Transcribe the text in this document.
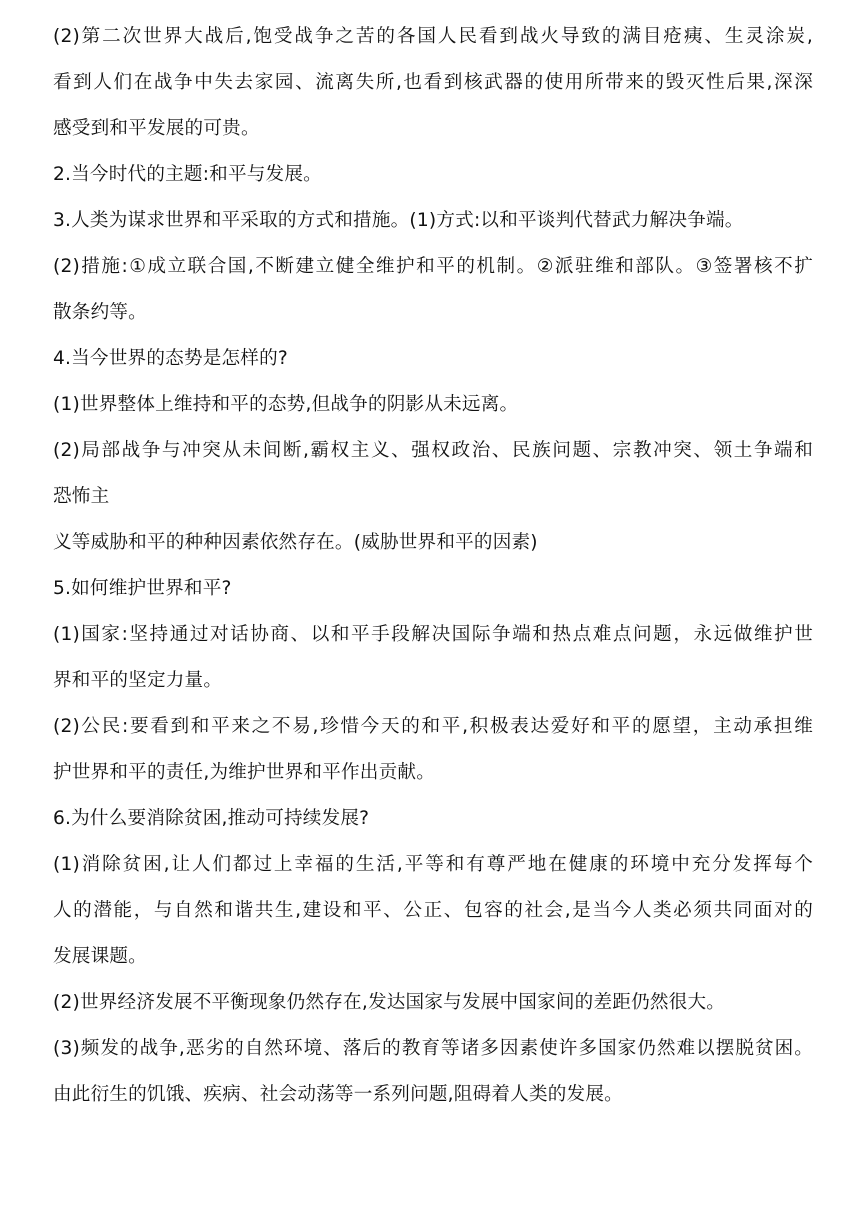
(2)第二次世界大战后,饱受战争之苦的各国人民看到战火导致的满目疮痍、生灵涂炭,
看到人们在战争中失去家园、流离失所,也看到核武器的使用所带来的毁灭性后果,深深
感受到和平发展的可贵。
2.当今时代的主题:和平与发展。
3.人类为谋求世界和平采取的方式和措施。(1)方式:以和平谈判代替武力解决争端。
(2)措施:①成立联合国,不断建立健全维护和平的机制。②派驻维和部队。③签署核不扩
散条约等。
4.当今世界的态势是怎样的?
(1)世界整体上维持和平的态势,但战争的阴影从未远离。
(2)局部战争与冲突从未间断,霸权主义、强权政治、民族问题、宗教冲突、领土争端和
恐怖主
义等威胁和平的种种因素依然存在。(威胁世界和平的因素)
5.如何维护世界和平?
(1)国家:坚持通过对话协商、以和平手段解决国际争端和热点难点问题，永远做维护世
界和平的坚定力量。
(2)公民:要看到和平来之不易,珍惜今天的和平,积极表达爱好和平的愿望，主动承担维
护世界和平的责任,为维护世界和平作出贡献。
6.为什么要消除贫困,推动可持续发展?
(1)消除贫困,让人们都过上幸福的生活,平等和有尊严地在健康的环境中充分发挥每个
人的潜能，与自然和谐共生,建设和平、公正、包容的社会,是当今人类必须共同面对的
发展课题。
(2)世界经济发展不平衡现象仍然存在,发达国家与发展中国家间的差距仍然很大。
(3)频发的战争,恶劣的自然环境、落后的教育等诸多因素使许多国家仍然难以摆脱贫困。
由此衍生的饥饿、疾病、社会动荡等一系列问题,阻碍着人类的发展。
